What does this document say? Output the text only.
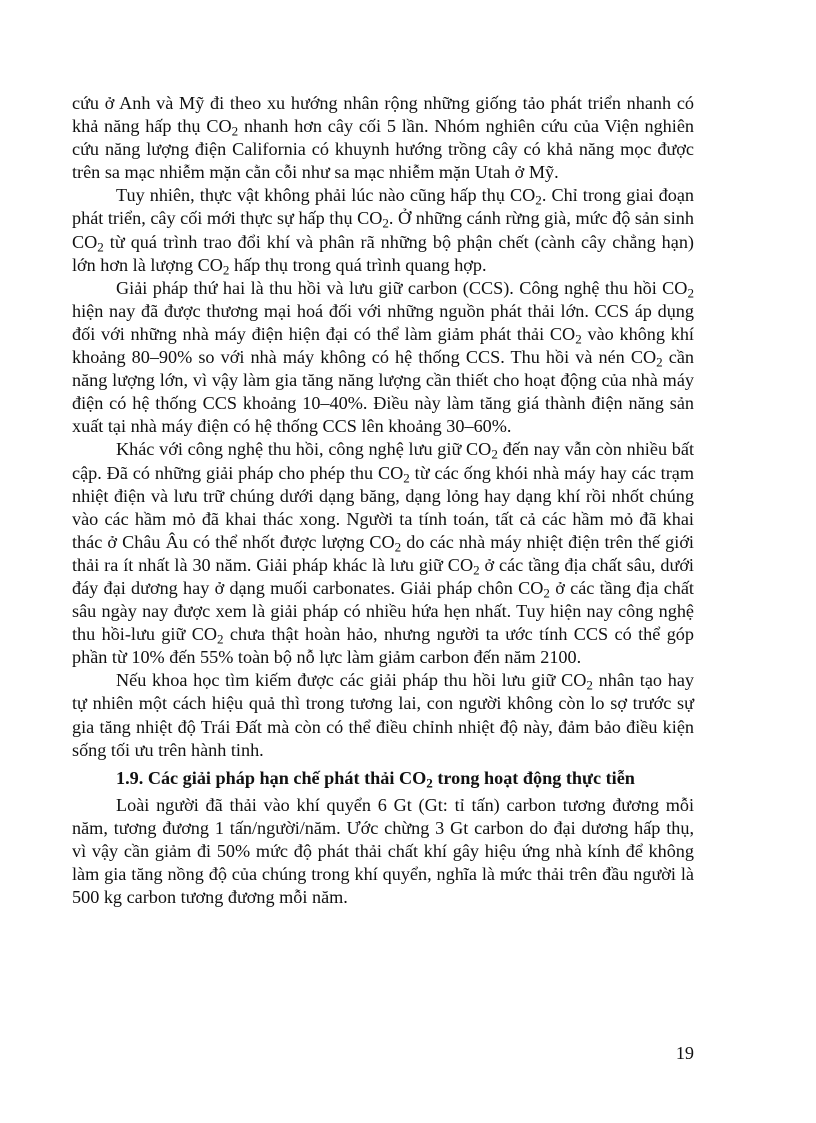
cứu ở Anh và Mỹ đi theo xu hướng nhân rộng những giống tảo phát triển nhanh có khả năng hấp thụ $CO_2$ nhanh hơn cây cối 5 lần. Nhóm nghiên cứu của Viện nghiên cứu năng lượng điện California có khuynh hướng trồng cây có khả năng mọc được trên sa mạc nhiễm mặn cằn cỗi như sa mạc nhiễm mặn Utah ở Mỹ.

Tuy nhiên, thực vật không phải lúc nào cũng hấp thụ $CO_2$. Chỉ trong giai đoạn phát triển, cây cối mới thực sự hấp thụ $CO_2$. Ở những cánh rừng già, mức độ sản $\sinh CO_2$ từ quá trình trao đổi khí và phân rã những bộ phận chết (cành cây chẳng hạn) lớn hơn là lượng $CO_2$ hấp thụ trong quá trình quang hợp.

Giải pháp thứ hai là thu hồi và lưu giữ carbon (CCS). Công nghệ thu hồi $CO_2$ hiện nay đã được thương mại hoá đối với những nguồn phát thải lớn. CCS áp dụng đối với những nhà máy điện hiện đại có thể làm giảm phát thải $CO_2$ vào không khí khoảng 80–90% so với nhà máy không có hệ thống CCS. Thu hồi và nén $CO_2$ cần năng lượng lớn, vì vậy làm gia tăng năng lượng cần thiết cho hoạt động của nhà máy điện có hệ thống CCS khoảng 10–40%. Điều này làm tăng giá thành điện năng sản xuất tại nhà máy điện có hệ thống CCS lên khoảng 30–60%.

Khác với công nghệ thu hồi, công nghệ lưu giữ $CO_2$ đến nay vẫn còn nhiều bất cập. Đã có những giải pháp cho phép thu $CO_2$ từ các ống khói nhà máy hay các trạm nhiệt điện và lưu trữ chúng dưới dạng băng, dạng lỏng hay dạng khí rồi nhốt chúng vào các hầm mỏ đã khai thác xong. Người ta tính toán, tất cả các hầm mỏ đã khai thác ở Châu Âu có thể nhốt được lượng $CO_2$ do các nhà máy nhiệt điện trên thế giới thải ra ít nhất là 30 năm. Giải pháp khác là lưu giữ $CO_2$ ở các tầng địa chất sâu, dưới đáy đại dương hay ở dạng muối carbonates. Giải pháp chôn $CO_2$ ở các tầng địa chất sâu ngày nay được xem là giải pháp có nhiều hứa hẹn nhất. Tuy hiện nay công nghệ thu hồi-lưu giữ $CO_2$ chưa thật hoàn hảo, nhưng người ta ước tính CCS có thể góp phần từ 10% đến 55% toàn bộ nỗ lực làm giảm carbon đến năm 2100.

Nếu khoa học tìm kiếm được các giải pháp thu hồi lưu giữ $CO_2$ nhân tạo hay tự nhiên một cách hiệu quả thì trong tương lai, con người không còn lo sợ trước sự gia tăng nhiệt độ Trái Đất mà còn có thể điều chỉnh nhiệt độ này, đảm bảo điều kiện sống tối ưu trên hành tinh.

1.9. Các giải pháp hạn chế phát thải $CO_2$ trong hoạt động thực tiễn

Loài người đã thải vào khí quyển 6 Gt (Gt: tỉ tấn) carbon tương đương mỗi năm, tương đương 1 tấn/người/năm. Ước chừng 3 Gt carbon do đại dương hấp thụ, vì vậy cần giảm đi 50% mức độ phát thải chất khí gây hiệu ứng nhà kính để không làm gia tăng nồng độ của chúng trong khí quyển, nghĩa là mức thải trên đầu người là 500 kg carbon tương đương mỗi năm.

19
